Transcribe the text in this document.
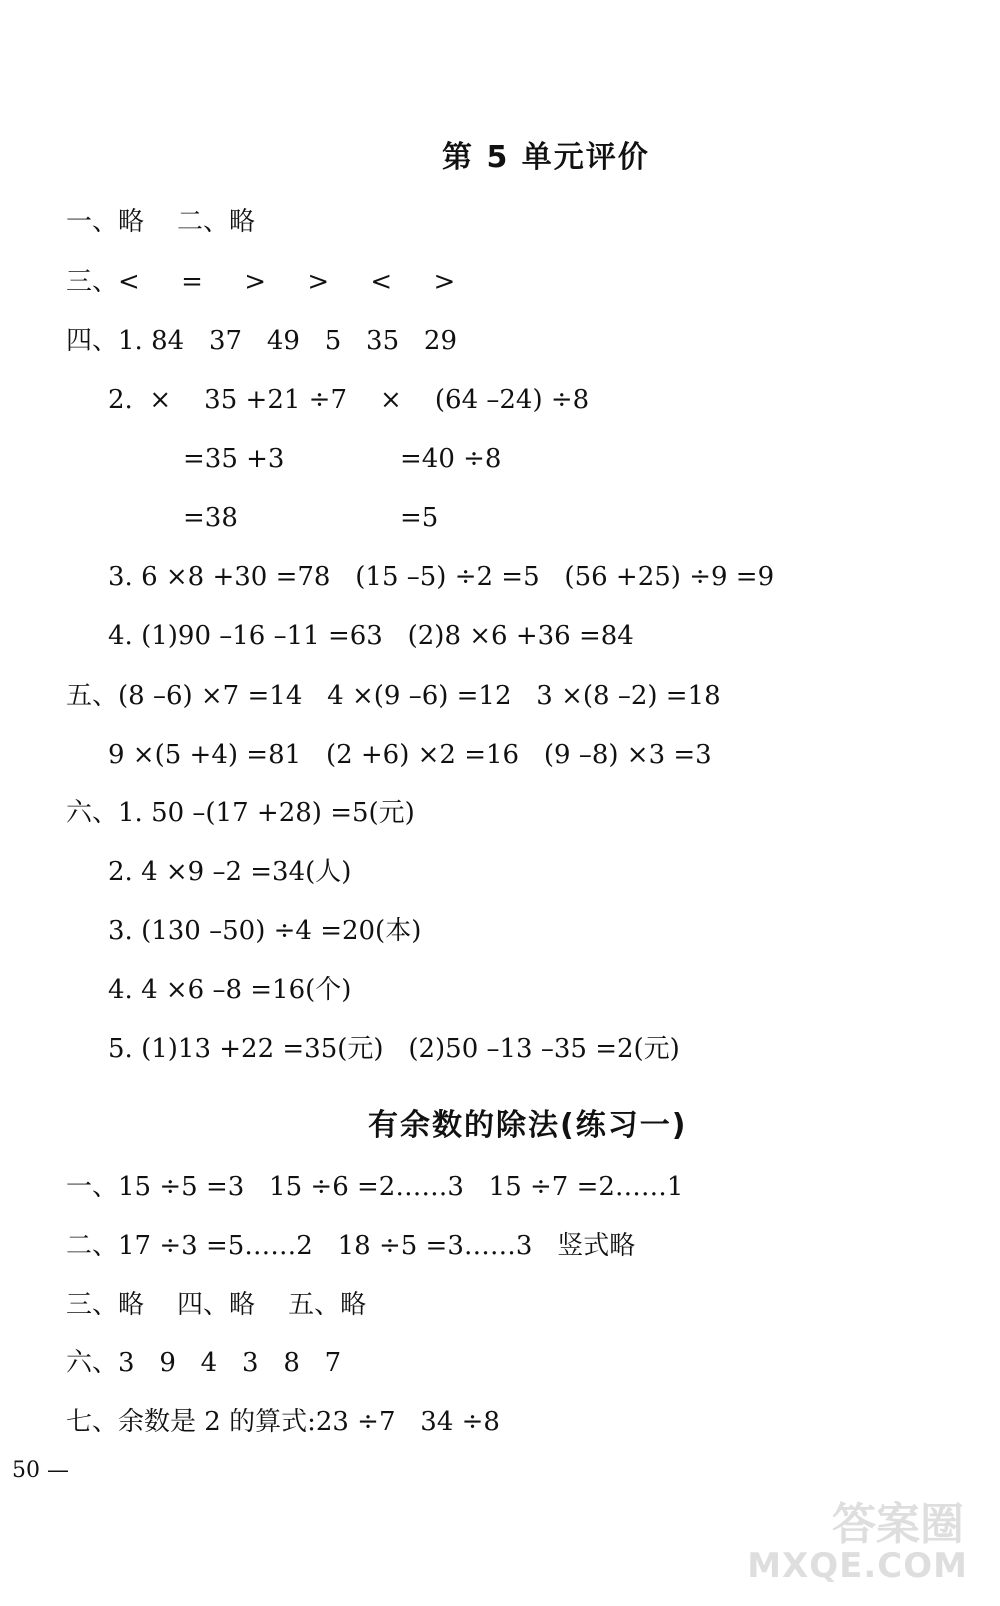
第 5 单元评价
一、略    二、略
三、<     =     >     >     <     >
四、1. 84   37   49   5   35   29
2.  ×    35 +21 ÷7    ×    (64 –24) ÷8
=35 +3	=40 ÷8
=38	=5
3. 6 ×8 +30 =78   (15 –5) ÷2 =5   (56 +25) ÷9 =9
4. (1)90 –16 –11 =63   (2)8 ×6 +36 =84
五、(8 –6) ×7 =14   4 ×(9 –6) =12   3 ×(8 –2) =18
9 ×(5 +4) =81   (2 +6) ×2 =16   (9 –8) ×3 =3
六、1. 50 –(17 +28) =5(元)
2. 4 ×9 –2 =34(人)
3. (130 –50) ÷4 =20(本)
4. 4 ×6 –8 =16(个)
5. (1)13 +22 =35(元)   (2)50 –13 –35 =2(元)
有余数的除法(练习一)
一、15 ÷5 =3   15 ÷6 =2……3   15 ÷7 =2……1
二、17 ÷3 =5……2   18 ÷5 =3……3   竖式略
三、略    四、略    五、略
六、3   9   4   3   8   7
七、余数是 2 的算式:23 ÷7   34 ÷8
50 —
答案圈
MXQE.COM
